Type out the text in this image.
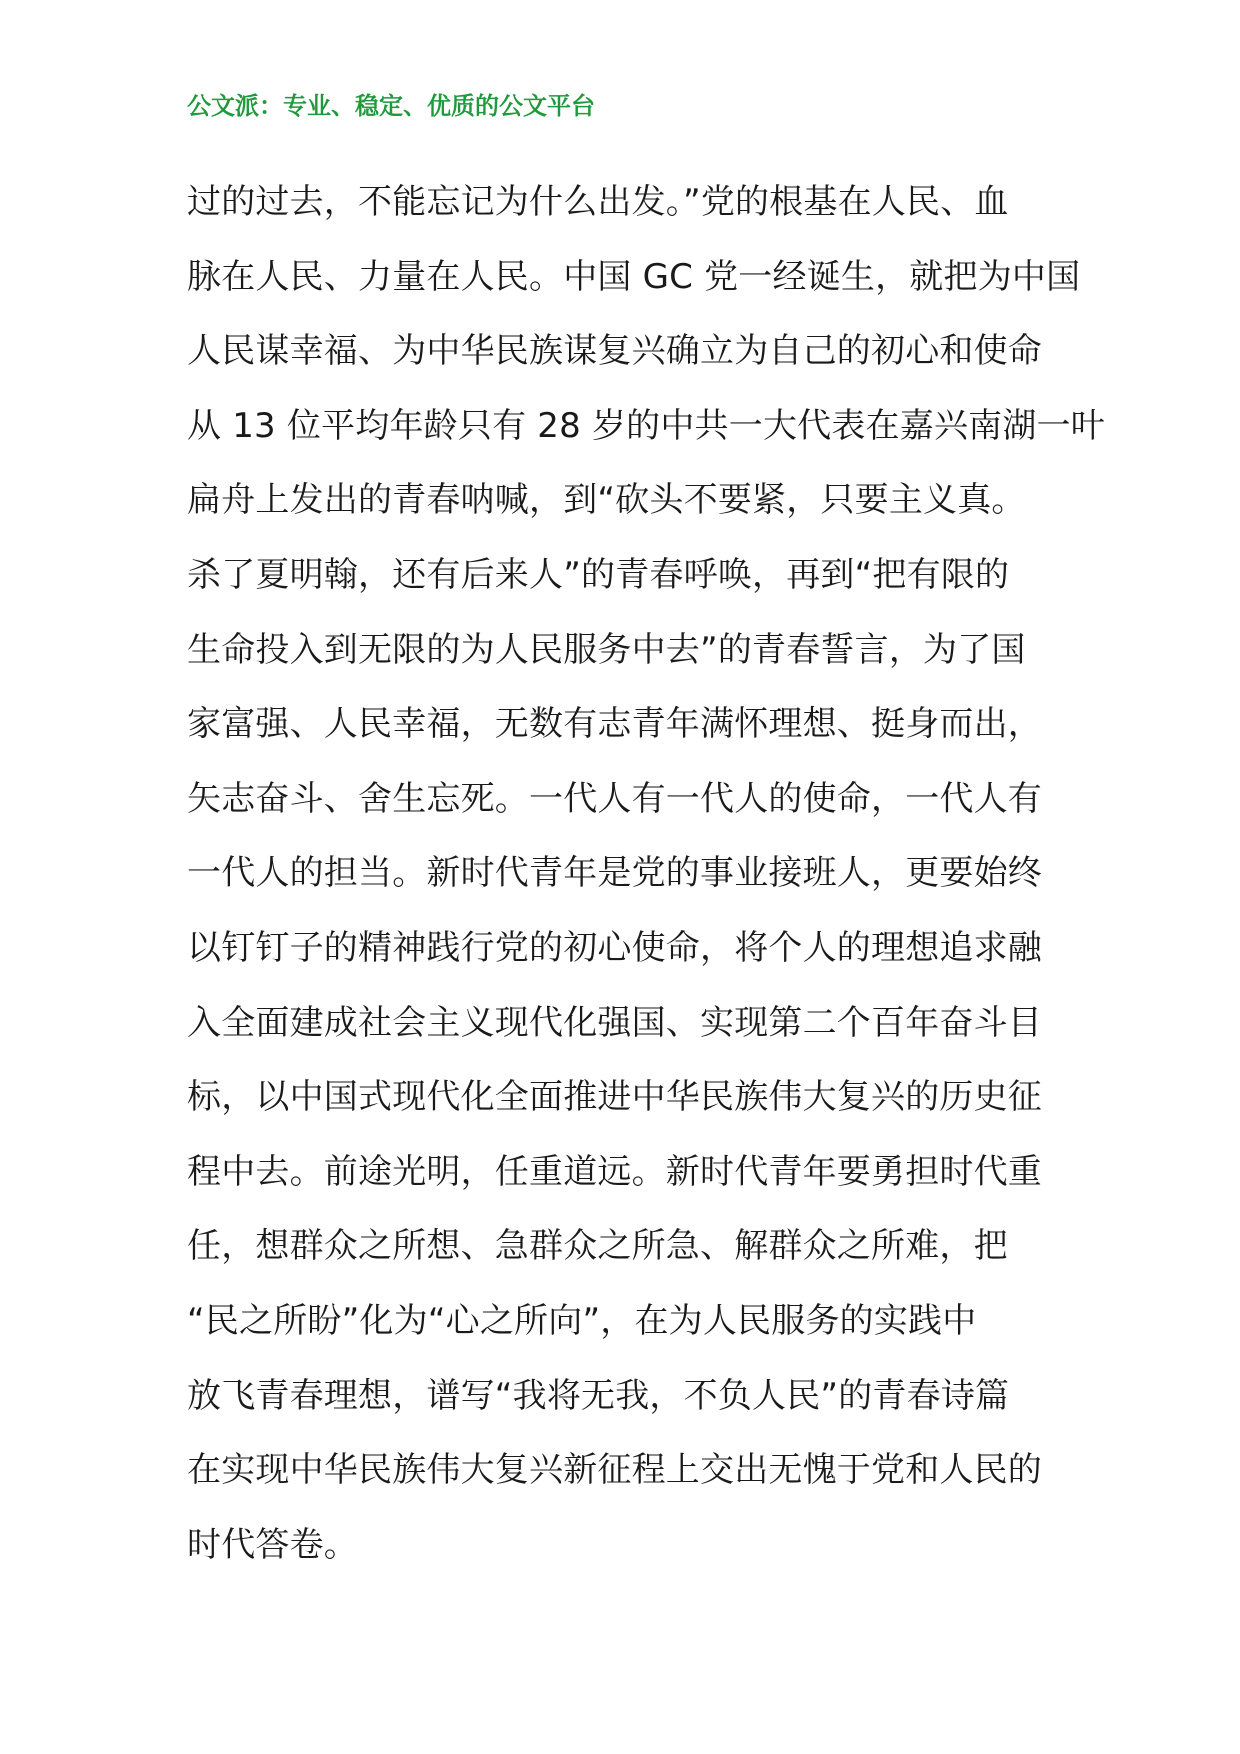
公文派：专业、稳定、优质的公文平台
过的过去，不能忘记为什么出发。”党的根基在人民、血
脉在人民、力量在人民。中国 GC 党一经诞生，就把为中国
人民谋幸福、为中华民族谋复兴确立为自己的初心和使命
从 13 位平均年龄只有 28 岁的中共一大代表在嘉兴南湖一叶
扁舟上发出的青春呐喊，到“砍头不要紧，只要主义真。
杀了夏明翰，还有后来人”的青春呼唤，再到“把有限的
生命投入到无限的为人民服务中去”的青春誓言，为了国
家富强、人民幸福，无数有志青年满怀理想、挺身而出，
矢志奋斗、舍生忘死。一代人有一代人的使命，一代人有
一代人的担当。新时代青年是党的事业接班人，更要始终
以钉钉子的精神践行党的初心使命，将个人的理想追求融
入全面建成社会主义现代化强国、实现第二个百年奋斗目
标，以中国式现代化全面推进中华民族伟大复兴的历史征
程中去。前途光明，任重道远。新时代青年要勇担时代重
任，想群众之所想、急群众之所急、解群众之所难，把
“民之所盼”化为“心之所向”，在为人民服务的实践中
放飞青春理想，谱写“我将无我，不负人民”的青春诗篇
在实现中华民族伟大复兴新征程上交出无愧于党和人民的
时代答卷。
